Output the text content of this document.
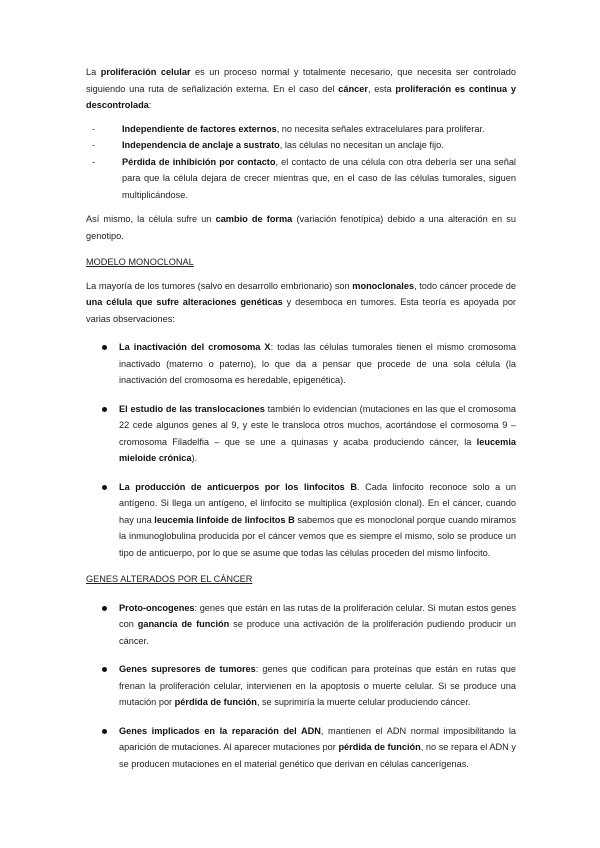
La proliferación celular es un proceso normal y totalmente necesario, que necesita ser controlado siguiendo una ruta de señalización externa. En el caso del cáncer, esta proliferación es continua y descontrolada:

-	Independiente de factores externos, no necesita señales extracelulares para proliferar.
-	Independencia de anclaje a sustrato, las células no necesitan un anclaje fijo.
-	Pérdida de inhibición por contacto, el contacto de una célula con otra debería ser una señal para que la célula dejara de crecer mientras que, en el caso de las células tumorales, siguen multiplicándose.

Así mismo, la célula sufre un cambio de forma (variación fenotípica) debido a una alteración en su genotipo.

MODELO MONOCLONAL

La mayoría de los tumores (salvo en desarrollo embrionario) son monoclonales, todo cáncer procede de una célula que sufre alteraciones genéticas y desemboca en tumores. Esta teoría es apoyada por varias observaciones:

La inactivación del cromosoma X: todas las células tumorales tienen el mismo cromosoma inactivado (materno o paterno), lo que da a pensar que procede de una sola célula (la inactivación del cromosoma es heredable, epigenética).
El estudio de las translocaciones también lo evidencian (mutaciones en las que el cromosoma 22 cede algunos genes al 9, y este le transloca otros muchos, acortándose el cormosoma 9 – cromosoma Filadelfia – que se une a quinasas y acaba produciendo cáncer, la leucemia mieloide crónica).
La producción de anticuerpos por los linfocitos B. Cada linfocito reconoce solo a un antígeno. Si llega un antígeno, el linfocito se multiplica (explosión clonal). En el cáncer, cuando hay una leucemia linfoide de linfocitos B sabemos que es monoclonal porque cuando miramos la inmunoglobulina producida por el cáncer vemos que es siempre el mismo, solo se produce un tipo de anticuerpo, por lo que se asume que todas las células proceden del mismo linfocito.

GENES ALTERADOS POR EL CÁNCER

Proto-oncogenes: genes que están en las rutas de la proliferación celular. Si mutan estos genes con ganancia de función se produce una activación de la proliferación pudiendo producir un cáncer.
Genes supresores de tumores: genes que codifican para proteínas que están en rutas que frenan la proliferación celular, intervienen en la apoptosis o muerte celular. Si se produce una mutación por pérdida de función, se suprimiría la muerte celular produciendo cáncer.
Genes implicados en la reparación del ADN, mantienen el ADN normal imposibilitando la aparición de mutaciones. Al aparecer mutaciones por pérdida de función, no se repara el ADN y se producen mutaciones en el material genético que derivan en células cancerígenas.
